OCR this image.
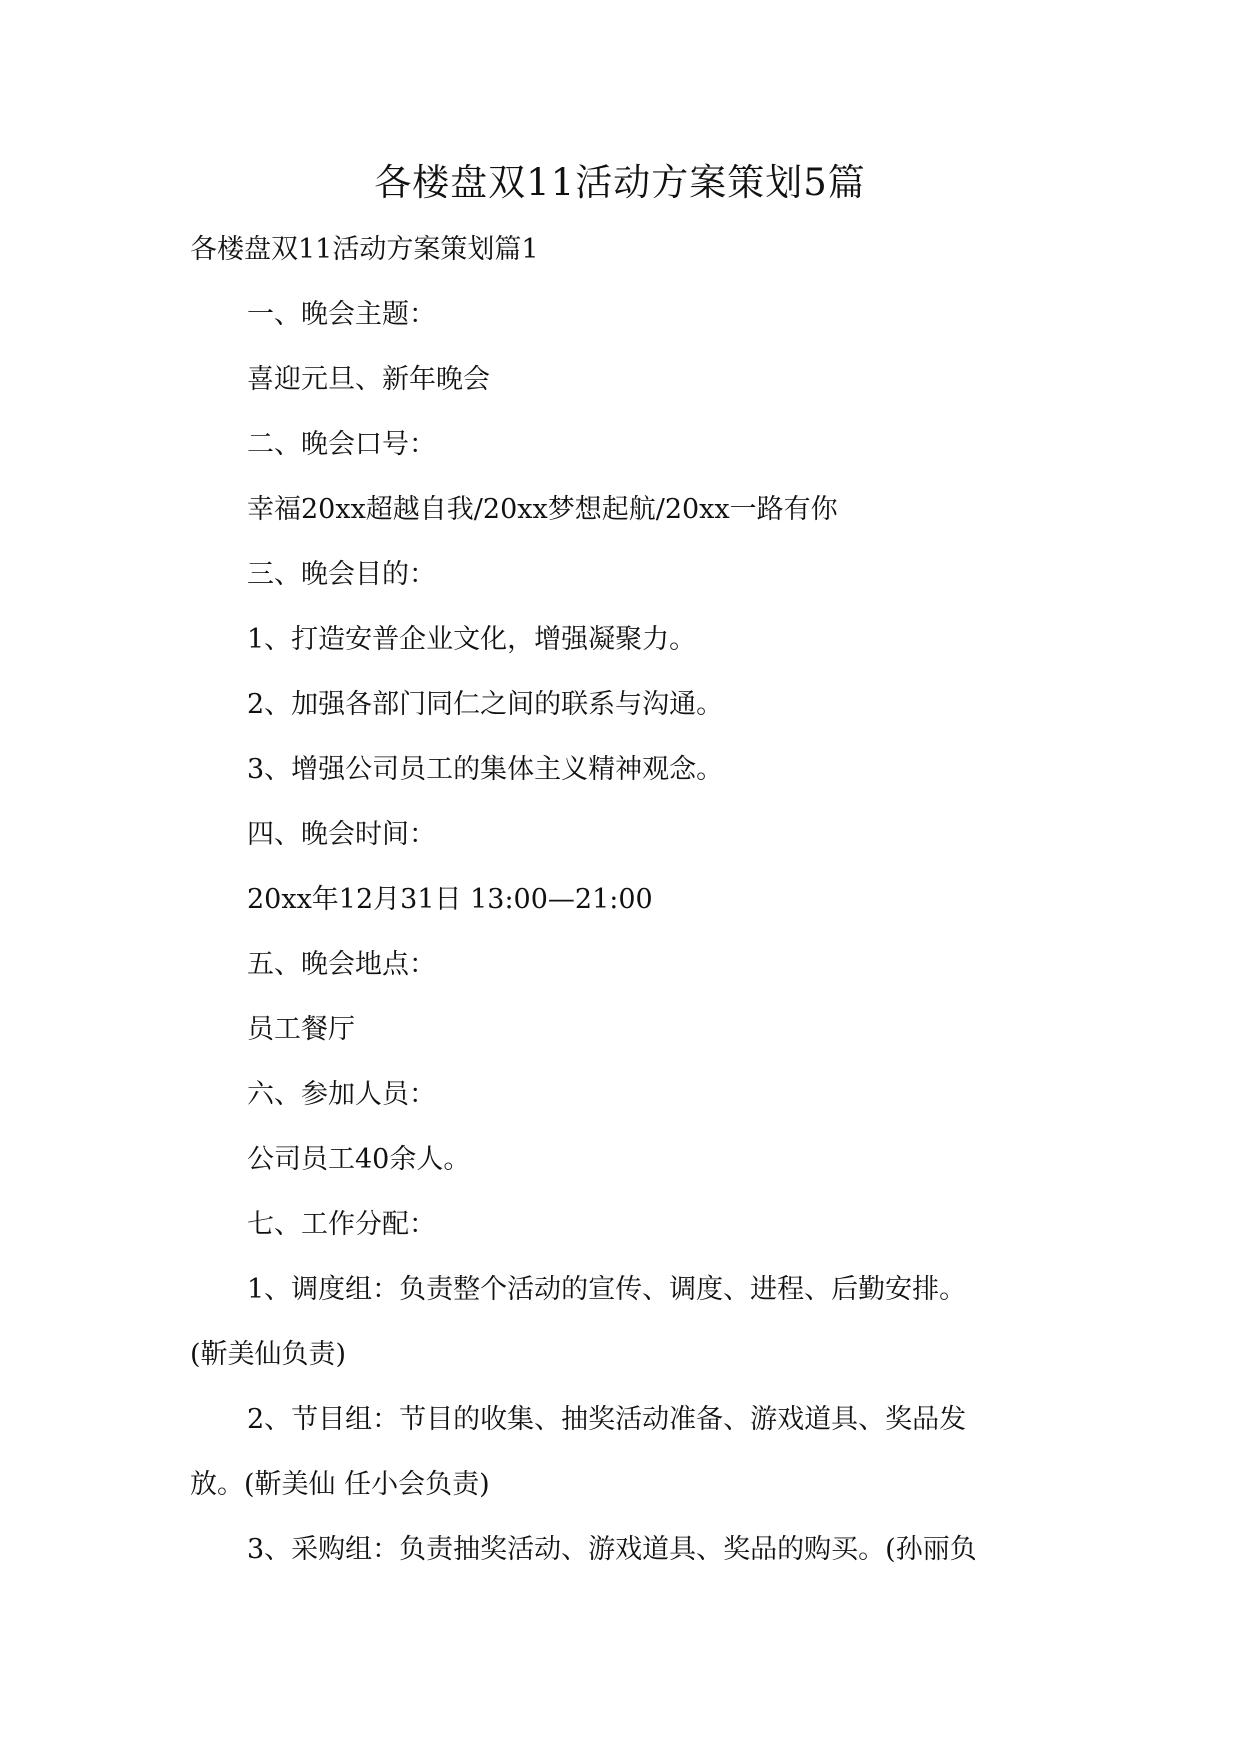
各楼盘双11活动方案策划5篇
各楼盘双11活动方案策划篇1
一、晚会主题：
喜迎元旦、新年晚会
二、晚会口号：
幸福20xx超越自我/20xx梦想起航/20xx一路有你
三、晚会目的：
1、打造安普企业文化，增强凝聚力。
2、加强各部门同仁之间的联系与沟通。
3、增强公司员工的集体主义精神观念。
四、晚会时间：
20xx年12月31日 13:00—21:00
五、晚会地点：
员工餐厅
六、参加人员：
公司员工40余人。
七、工作分配：
1、调度组：负责整个活动的宣传、调度、进程、后勤安排。
(靳美仙负责)
2、节目组：节目的收集、抽奖活动准备、游戏道具、奖品发
放。(靳美仙 任小会负责)
3、采购组：负责抽奖活动、游戏道具、奖品的购买。(孙丽负
